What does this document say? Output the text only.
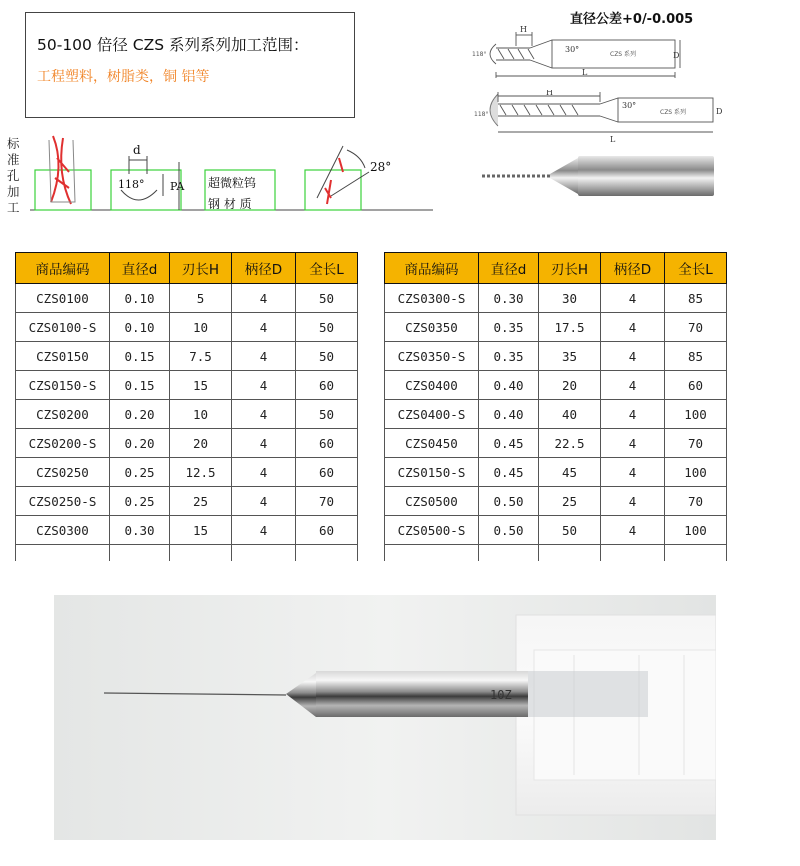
50-100 倍径 CZS 系列系列加工范围：
工程塑料，树脂类，铜 铝等
直径公差+0/-0.005
118°
H
30°
CZS 系列
L
D
118°
H
30°
CZS 系列
L
D
标
准
孔
加
工
d
118° PA 超微粒钨
钢 材 质
28°
商品编码	直径d	刃长H	柄径D	全长L
CZS0100	0.10	5	4	50
CZS0100-S	0.10	10	4	50
CZS0150	0.15	7.5	4	50
CZS0150-S	0.15	15	4	60
CZS0200	0.20	10	4	50
CZS0200-S	0.20	20	4	60
CZS0250	0.25	12.5	4	60
CZS0250-S	0.25	25	4	70
CZS0300	0.30	15	4	60

商品编码	直径d	刃长H	柄径D	全长L
CZS0300-S	0.30	30	4	85
CZS0350	0.35	17.5	4	70
CZS0350-S	0.35	35	4	85
CZS0400	0.40	20	4	60
CZS0400-S	0.40	40	4	100
CZS0450	0.45	22.5	4	70
CZS0150-S	0.45	45	4	100
CZS0500	0.50	25	4	70
CZS0500-S	0.50	50	4	100

10Z
